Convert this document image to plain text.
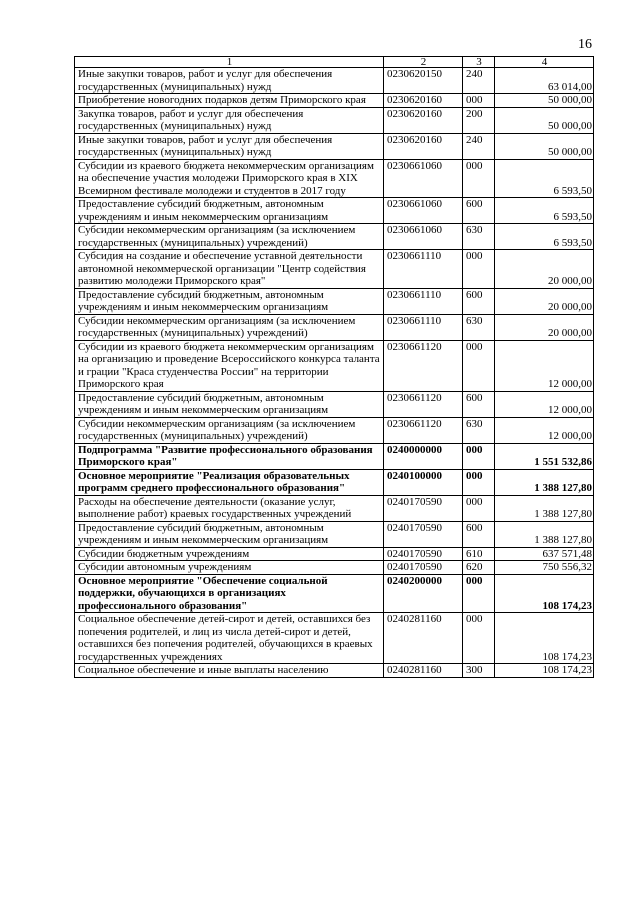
16
1	2	3	4
Иные закупки товаров, работ и услуг для обеспечения государственных (муниципальных) нужд	0230620150	240	63 014,00
Приобретение новогодних подарков детям Приморского края	0230620160	000	50 000,00
Закупка товаров, работ и услуг для обеспечения государственных (муниципальных) нужд	0230620160	200	50 000,00
Иные закупки товаров, работ и услуг для обеспечения государственных (муниципальных) нужд	0230620160	240	50 000,00
Субсидии из краевого бюджета некоммерческим организациям на обеспечение участия молодежи Приморского края в XIX Всемирном фестивале молодежи и студентов в 2017 году	0230661060	000	6 593,50
Предоставление субсидий бюджетным, автономным учреждениям и иным некоммерческим организациям	0230661060	600	6 593,50
Субсидии некоммерческим организациям (за исключением государственных (муниципальных) учреждений)	0230661060	630	6 593,50
Субсидия на создание и обеспечение уставной деятельности автономной некоммерческой организации "Центр содействия развитию молодежи Приморского края"	0230661110	000	20 000,00
Предоставление субсидий бюджетным, автономным учреждениям и иным некоммерческим организациям	0230661110	600	20 000,00
Субсидии некоммерческим организациям (за исключением государственных (муниципальных) учреждений)	0230661110	630	20 000,00
Субсидии из краевого бюджета некоммерческим организациям на организацию и проведение Всероссийского конкурса таланта и грации "Краса студенчества России" на территории Приморского края	0230661120	000	12 000,00
Предоставление субсидий бюджетным, автономным учреждениям и иным некоммерческим организациям	0230661120	600	12 000,00
Субсидии некоммерческим организациям (за исключением государственных (муниципальных) учреждений)	0230661120	630	12 000,00
Подпрограмма "Развитие профессионального образования Приморского края"	0240000000	000	1 551 532,86
Основное мероприятие "Реализация образовательных программ среднего профессионального образования"	0240100000	000	1 388 127,80
Расходы на обеспечение деятельности (оказание услуг, выполнение работ) краевых государственных учреждений	0240170590	000	1 388 127,80
Предоставление субсидий бюджетным, автономным учреждениям и иным некоммерческим организациям	0240170590	600	1 388 127,80
Субсидии бюджетным учреждениям	0240170590	610	637 571,48
Субсидии автономным учреждениям	0240170590	620	750 556,32
Основное мероприятие "Обеспечение социальной поддержки, обучающихся в организациях профессионального образования"	0240200000	000	108 174,23
Социальное обеспечение детей-сирот и детей, оставшихся без попечения родителей, и лиц из числа детей-сирот и детей, оставшихся без попечения родителей, обучающихся в краевых государственных учреждениях	0240281160	000	108 174,23
Социальное обеспечение и иные выплаты населению	0240281160	300	108 174,23
